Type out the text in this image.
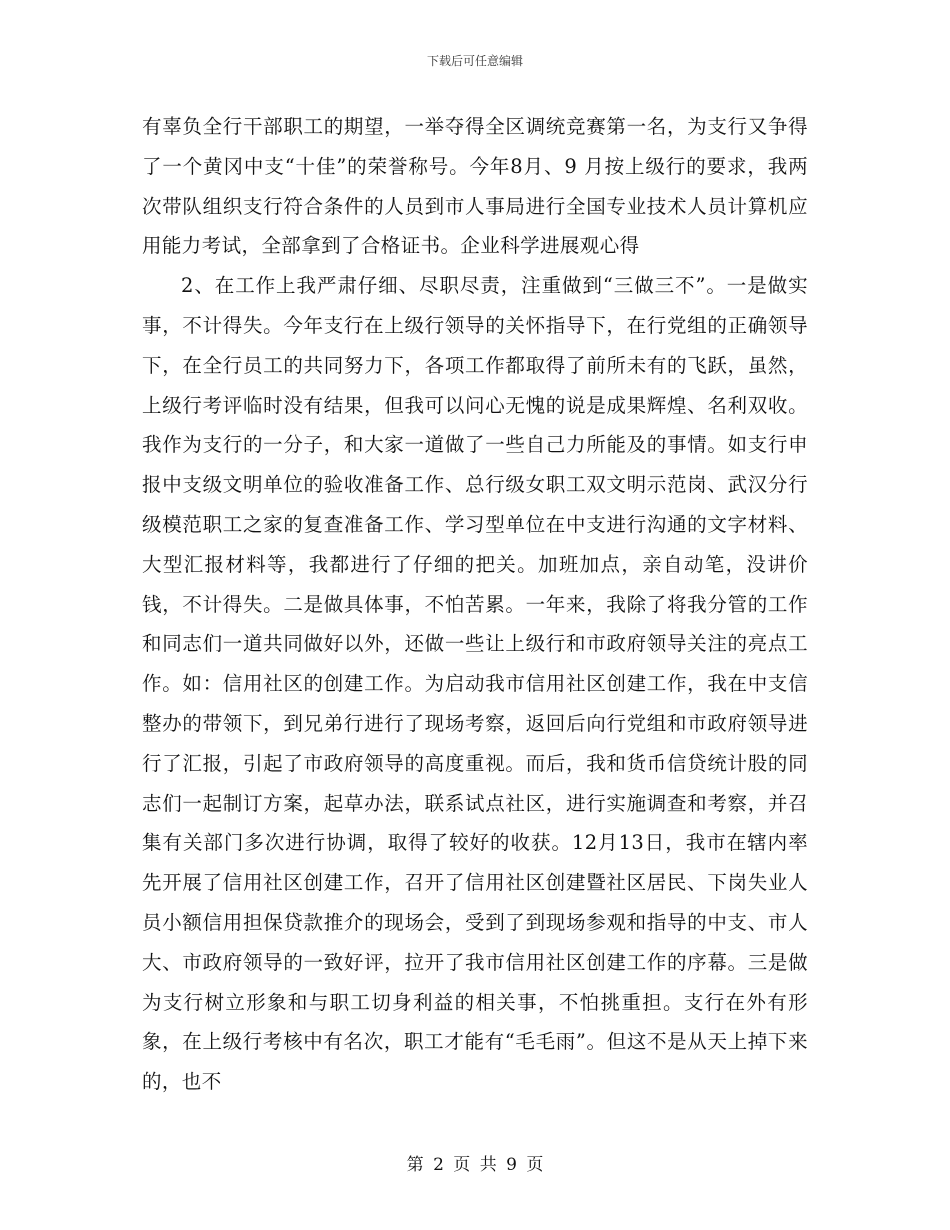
下载后可任意编辑

有辜负全行干部职工的期望，一举夺得全区调统竞赛第一名，为支行又争得了一个黄冈中支“十佳”的荣誉称号。今年8月、9 月按上级行的要求，我两次带队组织支行符合条件的人员到市人事局进行全国专业技术人员计算机应用能力考试，全部拿到了合格证书。企业科学进展观心得

2、在工作上我严肃仔细、尽职尽责，注重做到“三做三不”。一是做实事，不计得失。今年支行在上级行领导的关怀指导下，在行党组的正确领导下，在全行员工的共同努力下，各项工作都取得了前所未有的飞跃，虽然，上级行考评临时没有结果，但我可以问心无愧的说是成果辉煌、名利双收。我作为支行的一分子，和大家一道做了一些自己力所能及的事情。如支行申报中支级文明单位的验收准备工作、总行级女职工双文明示范岗、武汉分行级模范职工之家的复查准备工作、学习型单位在中支进行沟通的文字材料、大型汇报材料等，我都进行了仔细的把关。加班加点，亲自动笔，没讲价钱，不计得失。二是做具体事，不怕苦累。一年来，我除了将我分管的工作和同志们一道共同做好以外，还做一些让上级行和市政府领导关注的亮点工作。如：信用社区的创建工作。为启动我市信用社区创建工作，我在中支信整办的带领下，到兄弟行进行了现场考察，返回后向行党组和市政府领导进行了汇报，引起了市政府领导的高度重视。而后，我和货币信贷统计股的同志们一起制订方案，起草办法，联系试点社区，进行实施调查和考察，并召集有关部门多次进行协调，取得了较好的收获。12月13日，我市在辖内率先开展了信用社区创建工作，召开了信用社区创建暨社区居民、下岗失业人员小额信用担保贷款推介的现场会，受到了到现场参观和指导的中支、市人大、市政府领导的一致好评，拉开了我市信用社区创建工作的序幕。三是做为支行树立形象和与职工切身利益的相关事，不怕挑重担。支行在外有形象，在上级行考核中有名次，职工才能有“毛毛雨”。但这不是从天上掉下来的，也不

第 2 页 共 9 页
